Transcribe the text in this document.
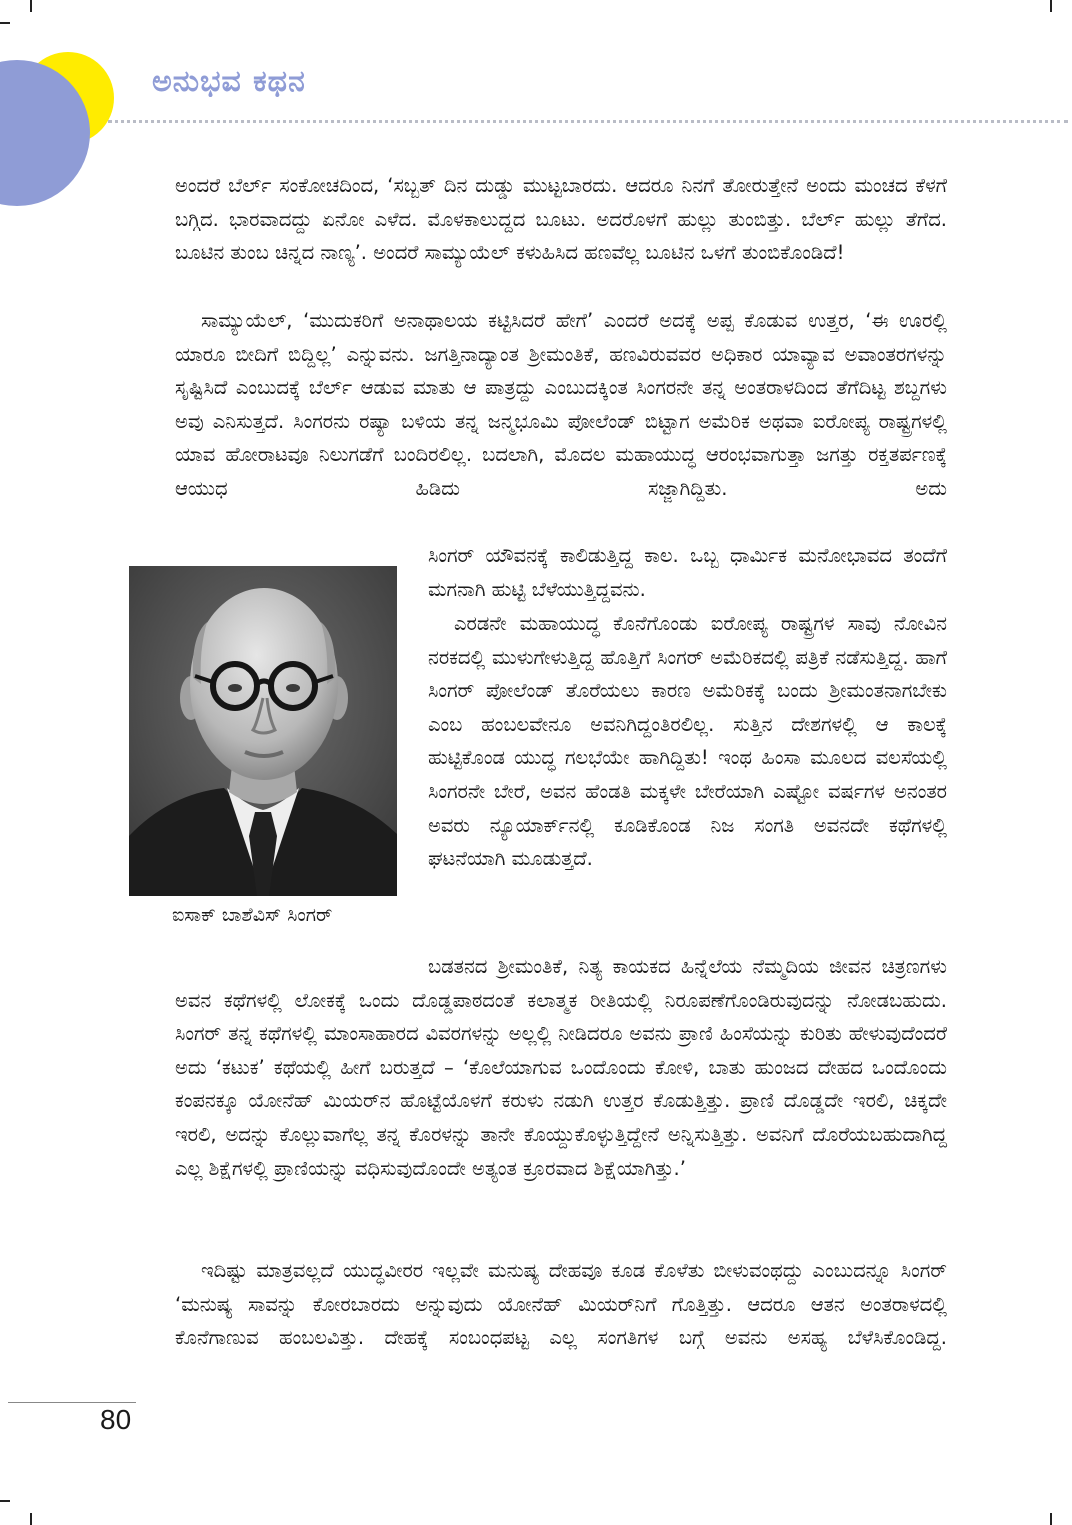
ಅನುಭವ ಕಥನ

ಅಂದರೆ ಬೆರ್ಲ್ ಸಂಕೋಚದಿಂದ, ‘ಸಬ್ಬತ್ ದಿನ ದುಡ್ಡು ಮುಟ್ಟಬಾರದು. ಆದರೂ ನಿನಗೆ ತೋರುತ್ತೇನೆ ಅಂದು ಮಂಚದ ಕೆಳಗೆ ಬಗ್ಗಿದ. ಭಾರವಾದದ್ದು ಏನೋ ಎಳೆದ. ಮೊಳಕಾಲುದ್ದದ ಬೂಟು. ಅದರೊಳಗೆ ಹುಲ್ಲು ತುಂಬಿತ್ತು. ಬೆರ್ಲ್ ಹುಲ್ಲು ತೆಗೆದ. ಬೂಟಿನ ತುಂಬ ಚಿನ್ನದ ನಾಣ್ಯ’. ಅಂದರೆ ಸಾಮ್ಯುಯೆಲ್ ಕಳುಹಿಸಿದ ಹಣವೆಲ್ಲ ಬೂಟಿನ ಒಳಗೆ ತುಂಬಿಕೊಂಡಿದೆ!

ಸಾಮ್ಯುಯೆಲ್, ‘ಮುದುಕರಿಗೆ ಅನಾಥಾಲಯ ಕಟ್ಟಿಸಿದರೆ ಹೇಗೆ’ ಎಂದರೆ ಅದಕ್ಕೆ ಅಪ್ಪ ಕೊಡುವ ಉತ್ತರ, ‘ಈ ಊರಲ್ಲಿ ಯಾರೂ ಬೀದಿಗೆ ಬಿದ್ದಿಲ್ಲ’ ಎನ್ನುವನು. ಜಗತ್ತಿನಾದ್ಯಾಂತ ಶ್ರೀಮಂತಿಕೆ, ಹಣವಿರುವವರ ಅಧಿಕಾರ ಯಾವ್ಯಾವ ಅವಾಂತರಗಳನ್ನು ಸೃಷ್ಟಿಸಿದೆ ಎಂಬುದಕ್ಕೆ ಬೆರ್ಲ್ ಆಡುವ ಮಾತು ಆ ಪಾತ್ರದ್ದು ಎಂಬುದಕ್ಕಿಂತ ಸಿಂಗರನೇ ತನ್ನ ಅಂತರಾಳದಿಂದ ತೆಗೆದಿಟ್ಟ ಶಬ್ದಗಳು ಅವು ಎನಿಸುತ್ತದೆ. ಸಿಂಗರನು ರಷ್ಯಾ ಬಳಿಯ ತನ್ನ ಜನ್ಮಭೂಮಿ ಪೋಲೆಂಡ್ ಬಿಟ್ಟಾಗ ಅಮೆರಿಕ ಅಥವಾ ಐರೋಪ್ಯ ರಾಷ್ಟ್ರಗಳಲ್ಲಿ ಯಾವ ಹೋರಾಟವೂ ನಿಲುಗಡೆಗೆ ಬಂದಿರಲಿಲ್ಲ. ಬದಲಾಗಿ, ಮೊದಲ ಮಹಾಯುದ್ಧ ಆರಂಭವಾಗುತ್ತಾ ಜಗತ್ತು ರಕ್ತತರ್ಪಣಕ್ಕೆ ಆಯುಧ ಹಿಡಿದು ಸಜ್ಜಾಗಿದ್ದಿತು. ಅದು

ಸಿಂಗರ್ ಯೌವನಕ್ಕೆ ಕಾಲಿಡುತ್ತಿದ್ದ ಕಾಲ. ಒಬ್ಬ ಧಾರ್ಮಿಕ ಮನೋಭಾವದ ತಂದೆಗೆ ಮಗನಾಗಿ ಹುಟ್ಟಿ ಬೆಳೆಯುತ್ತಿದ್ದವನು.

ಎರಡನೇ ಮಹಾಯುದ್ಧ ಕೊನೆಗೊಂಡು ಐರೋಪ್ಯ ರಾಷ್ಟ್ರಗಳ ಸಾವು ನೋವಿನ ನರಕದಲ್ಲಿ ಮುಳುಗೇಳುತ್ತಿದ್ದ ಹೊತ್ತಿಗೆ ಸಿಂಗರ್ ಅಮೆರಿಕದಲ್ಲಿ ಪತ್ರಿಕೆ ನಡೆಸುತ್ತಿದ್ದ. ಹಾಗೆ ಸಿಂಗರ್ ಪೋಲೆಂಡ್ ತೊರೆಯಲು ಕಾರಣ ಅಮೆರಿಕಕ್ಕೆ ಬಂದು ಶ್ರೀಮಂತನಾಗಬೇಕು ಎಂಬ ಹಂಬಲವೇನೂ ಅವನಿಗಿದ್ದಂತಿರಲಿಲ್ಲ. ಸುತ್ತಿನ ದೇಶಗಳಲ್ಲಿ ಆ ಕಾಲಕ್ಕೆ ಹುಟ್ಟಿಕೊಂಡ ಯುದ್ಧ ಗಲಭೆಯೇ ಹಾಗಿದ್ದಿತು! ಇಂಥ ಹಿಂಸಾ ಮೂಲದ ವಲಸೆಯಲ್ಲಿ ಸಿಂಗರನೇ ಬೇರೆ, ಅವನ ಹೆಂಡತಿ ಮಕ್ಕಳೇ ಬೇರೆಯಾಗಿ ಎಷ್ಟೋ ವರ್ಷಗಳ ಅನಂತರ ಅವರು ನ್ಯೂಯಾರ್ಕ್‌ನಲ್ಲಿ ಕೂಡಿಕೊಂಡ ನಿಜ ಸಂಗತಿ ಅವನದೇ ಕಥೆಗಳಲ್ಲಿ ಘಟನೆಯಾಗಿ ಮೂಡುತ್ತದೆ.

ಬಡತನದ ಶ್ರೀಮಂತಿಕೆ, ನಿತ್ಯ ಕಾಯಕದ ಹಿನ್ನೆಲೆಯ ನೆಮ್ಮದಿಯ ಜೀವನ ಚಿತ್ರಣಗಳು ಅವನ ಕಥೆಗಳಲ್ಲಿ ಲೋಕಕ್ಕೆ ಒಂದು ದೊಡ್ಡಪಾಠದಂತೆ ಕಲಾತ್ಮಕ ರೀತಿಯಲ್ಲಿ ನಿರೂಪಣೆಗೊಂಡಿರುವುದನ್ನು ನೋಡಬಹುದು. ಸಿಂಗರ್ ತನ್ನ ಕಥೆಗಳಲ್ಲಿ ಮಾಂಸಾಹಾರದ ವಿವರಗಳನ್ನು ಅಲ್ಲಲ್ಲಿ ನೀಡಿದರೂ ಅವನು ಪ್ರಾಣಿ ಹಿಂಸೆಯನ್ನು ಕುರಿತು ಹೇಳುವುದೆಂದರೆ ಅದು ‘ಕಟುಕ’ ಕಥೆಯಲ್ಲಿ ಹೀಗೆ ಬರುತ್ತದೆ – ‘ಕೊಲೆಯಾಗುವ ಒಂದೊಂದು ಕೋಳಿ, ಬಾತು ಹುಂಜದ ದೇಹದ ಒಂದೊಂದು ಕಂಪನಕ್ಕೂ ಯೋನೆಹ್ ಮಿಯರ್‌ನ ಹೊಟ್ಟೆಯೊಳಗೆ ಕರುಳು ನಡುಗಿ ಉತ್ತರ ಕೊಡುತ್ತಿತ್ತು. ಪ್ರಾಣಿ ದೊಡ್ಡದೇ ಇರಲಿ, ಚಿಕ್ಕದೇ ಇರಲಿ, ಅದನ್ನು ಕೊಲ್ಲುವಾಗೆಲ್ಲ ತನ್ನ ಕೊರಳನ್ನು ತಾನೇ ಕೊಯ್ದುಕೊಳ್ಳುತ್ತಿದ್ದೇನೆ ಅನ್ನಿಸುತ್ತಿತ್ತು. ಅವನಿಗೆ ದೊರೆಯಬಹುದಾಗಿದ್ದ ಎಲ್ಲ ಶಿಕ್ಷೆಗಳಲ್ಲಿ ಪ್ರಾಣಿಯನ್ನು ವಧಿಸುವುದೊಂದೇ ಅತ್ಯಂತ ಕ್ರೂರವಾದ ಶಿಕ್ಷೆಯಾಗಿತ್ತು.’

ಇದಿಷ್ಟು ಮಾತ್ರವಲ್ಲದೆ ಯುದ್ಧವೀರರ ಇಲ್ಲವೇ ಮನುಷ್ಯ ದೇಹವೂ ಕೂಡ ಕೊಳೆತು ಬೀಳುವಂಥದ್ದು ಎಂಬುದನ್ನೂ ಸಿಂಗರ್ ‘ಮನುಷ್ಯ ಸಾವನ್ನು ಕೋರಬಾರದು ಅನ್ನುವುದು ಯೋನೆಹ್ ಮಿಯರ್‌ನಿಗೆ ಗೊತ್ತಿತ್ತು. ಆದರೂ ಆತನ ಅಂತರಾಳದಲ್ಲಿ ಕೊನೆಗಾಣುವ ಹಂಬಲವಿತ್ತು. ದೇಹಕ್ಕೆ ಸಂಬಂಧಪಟ್ಟ ಎಲ್ಲ ಸಂಗತಿಗಳ ಬಗ್ಗೆ ಅವನು ಅಸಹ್ಯ ಬೆಳೆಸಿಕೊಂಡಿದ್ದ.

ಐಸಾಕ್ ಬಾಶೆವಿಸ್ ಸಿಂಗರ್
80
